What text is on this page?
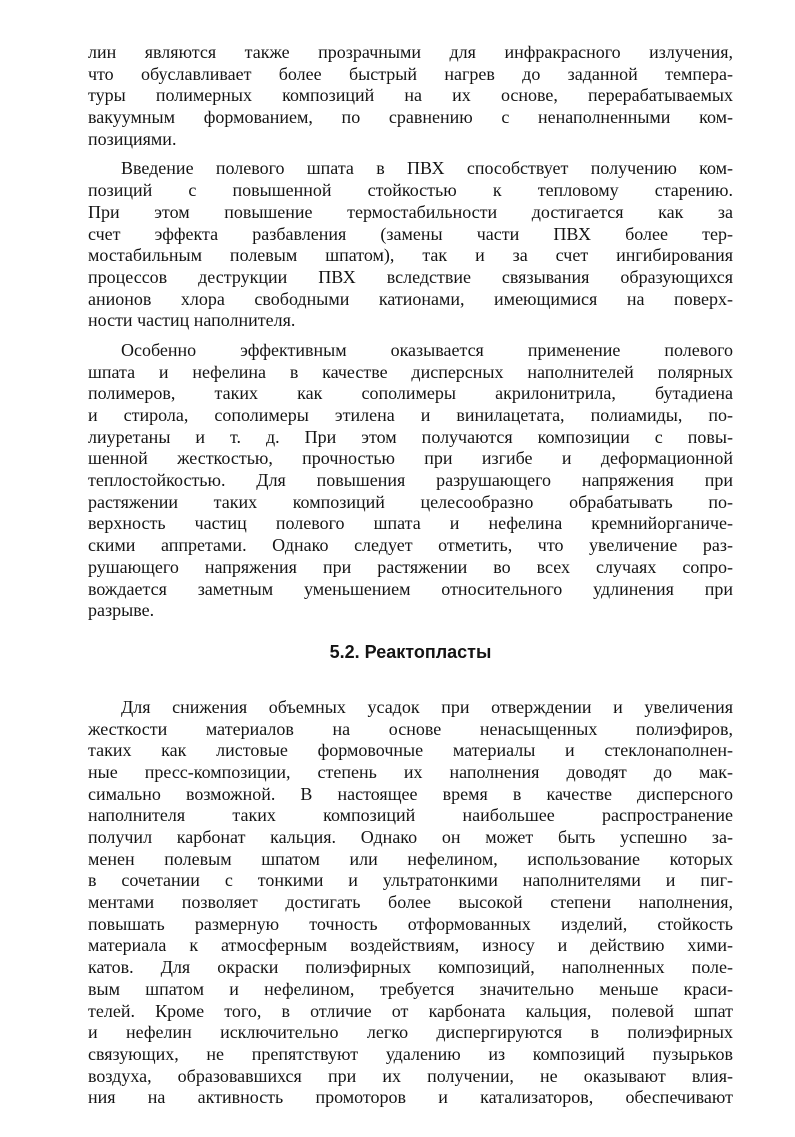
лин являются также прозрачными для инфракрасного излучения,
что обуславливает более быстрый нагрев до заданной темпера-
туры полимерных композиций на их основе, перерабатываемых
вакуумным формованием, по сравнению с ненаполненными ком-
позициями.
Введение полевого шпата в ПВХ способствует получению ком-
позиций с повышенной стойкостью к тепловому старению.
При этом повышение термостабильности достигается как за
счет эффекта разбавления (замены части ПВХ более тер-
мостабильным полевым шпатом), так и за счет ингибирования
процессов деструкции ПВХ вследствие связывания образующихся
анионов хлора свободными катионами, имеющимися на поверх-
ности частиц наполнителя.
Особенно эффективным оказывается применение полевого
шпата и нефелина в качестве дисперсных наполнителей полярных
полимеров, таких как сополимеры акрилонитрила, бутадиена
и стирола, сополимеры этилена и винилацетата, полиамиды, по-
лиуретаны и т. д. При этом получаются композиции с повы-
шенной жесткостью, прочностью при изгибе и деформационной
теплостойкостью. Для повышения разрушающего напряжения при
растяжении таких композиций целесообразно обрабатывать по-
верхность частиц полевого шпата и нефелина кремнийорганиче-
скими аппретами. Однако следует отметить, что увеличение раз-
рушающего напряжения при растяжении во всех случаях сопро-
вождается заметным уменьшением относительного удлинения при
разрыве.
5.2. Реактопласты
Для снижения объемных усадок при отверждении и увеличения
жесткости материалов на основе ненасыщенных полиэфиров,
таких как листовые формовочные материалы и стеклонаполнен-
ные пресс-композиции, степень их наполнения доводят до мак-
симально возможной. В настоящее время в качестве дисперсного
наполнителя таких композиций наибольшее распространение
получил карбонат кальция. Однако он может быть успешно за-
менен полевым шпатом или нефелином, использование которых
в сочетании с тонкими и ультратонкими наполнителями и пиг-
ментами позволяет достигать более высокой степени наполнения,
повышать размерную точность отформованных изделий, стойкость
материала к атмосферным воздействиям, износу и действию хими-
катов. Для окраски полиэфирных композиций, наполненных поле-
вым шпатом и нефелином, требуется значительно меньше краси-
телей. Кроме того, в отличие от карбоната кальция, полевой шпат
и нефелин исключительно легко диспергируются в полиэфирных
связующих, не препятствуют удалению из композиций пузырьков
воздуха, образовавшихся при их получении, не оказывают влия-
ния на активность промоторов и катализаторов, обеспечивают
